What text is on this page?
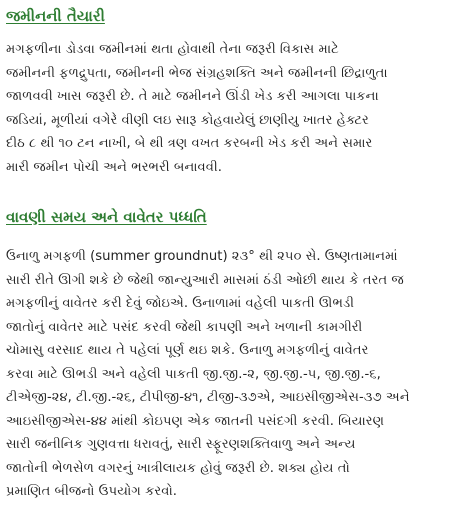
જમીનની તૈયારી
મગફળીના ડોડવા જમીનમાં થતા હોવાથી તેના જરૂરી વિકાસ માટે
જમીનની ફળદ્રુપતા, જમીનની ભેજ સંગ્રહશક્તિ અને જમીનની છિદ્રાળુતા
જાળવવી ખાસ જરૂરી છે. તે માટે જમીનને ઊંડી ખેડ કરી આગલા પાકના
જડિયાં, મૂળીયાં વગેરે વીણી લઇ સારૂ કોહવાયેલું છાણીયુ ખાતર હેક્ટર
દીઠ ૮ થી ૧૦ ટન નાખી, બે થી ત્રણ વખત કરબની ખેડ કરી અને સમાર
મારી જમીન પોચી અને ભરભરી બનાવવી.
વાવણી સમય અને વાવેતર પધ્ધતિ
ઉનાળુ મગફળી (summer groundnut) ૨૩° થી ૨૫૦ સે. ઉષ્ણતામાનમાં
સારી રીતે ઊગી શકે છે જેથી જાન્યુઆરી માસમાં ઠંડી ઓછી થાય કે તરત જ
મગફળીનું વાવેતર કરી દેવું જોઇએ. ઉનાળામાં વહેલી પાકતી ઊભડી
જાતોનું વાવેતર માટે પસંદ કરવી જેથી કાપણી અને ખળાની કામગીરી
ચોમાસુ વરસાદ થાય તે પહેલાં પૂર્ણ થઇ શકે. ઉનાળુ મગફળીનું વાવેતર
કરવા માટે ઊભડી અને વહેલી પાકતી જી.જી.-૨, જી.જી.-૫, જી.જી.-૬,
ટીએજી-૨૪, ટી.જી.-૨૬, ટીપીજી-૪૧, ટીજી-૩૭એ, આઇસીજીએસ-૩૭ અને
આઇસીજીએસ-૪૪ માંથી કોઇપણ એક જાતની પસંદગી કરવી. બિયારણ
સારી જનીનિક ગુણવત્તા ધરાવતું, સારી સ્ફૂરણશક્તિવાળુ અને અન્ય
જાતોની ભેળસેળ વગરનું ખાત્રીલાયક હોવું જરૂરી છે. શક્ય હોય તો
પ્રમાણિત બીજનો ઉપયોગ કરવો.
